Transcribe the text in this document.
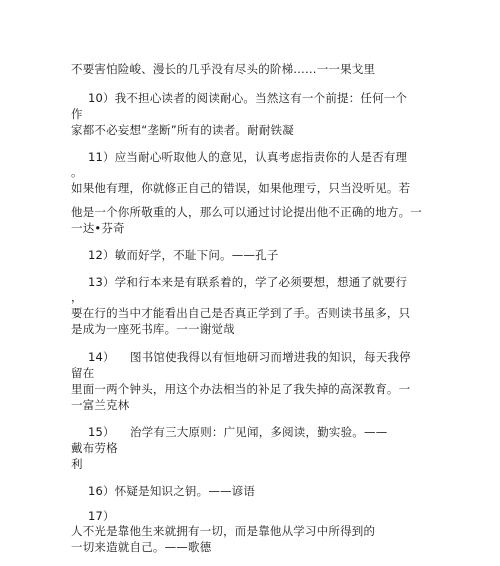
不要害怕险峻、漫长的几乎没有尽头的阶梯……一一果戈里
10）我不担心读者的阅读耐心。当然这有一个前提：任何一个
作
家都不必妄想“垄断”所有的读者。耐耐铁凝
11）应当耐心听取他人的意见，认真考虑指责你的人是否有理
。
如果他有理，你就修正自己的错误，如果他理亏，只当没听见。若
他是一个你所敬重的人，那么可以通过讨论提出他不正确的地方。一
一达•芬奇
12）敏而好学，不耻下问。——孔子
13）学和行本来是有联系着的，学了必须要想，想通了就要行
，
要在行的当中才能看出自己是否真正学到了手。否则读书虽多，只
是成为一座死书库。一一谢觉哉
14） 图书馆使我得以有恒地研习而增进我的知识，每天我停
留在
里面一两个钟头，用这个办法相当的补足了我失掉的高深教育。一
一富兰克林
15） 治学有三大原则：广见闻，多阅读，勤实验。——
戴布劳格
利
16）怀疑是知识之钥。——谚语
17）
人不光是靠他生来就拥有一切，而是靠他从学习中所得到的
一切来造就自己。——歌德
